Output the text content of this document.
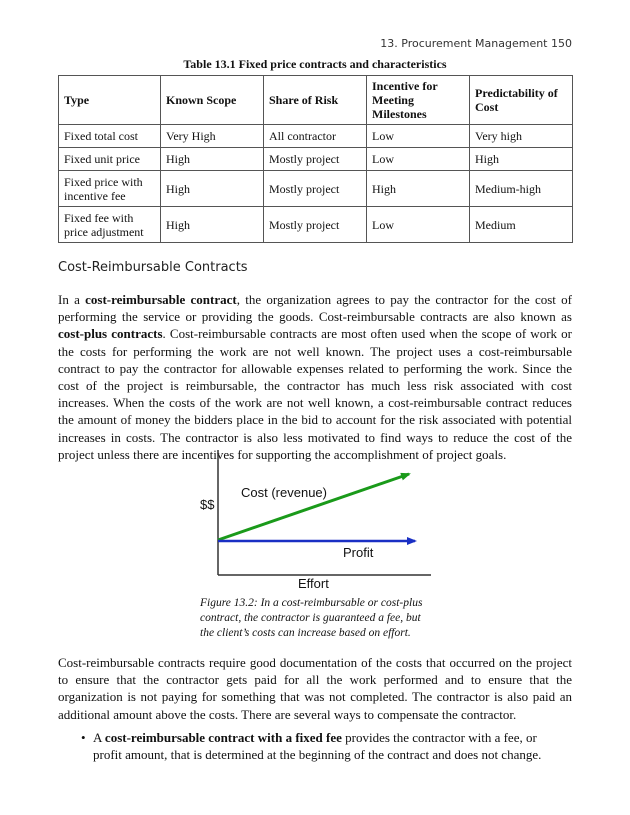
13. Procurement Management 150
Table 13.1 Fixed price contracts and characteristics
Type	Known Scope	Share of Risk	Incentive for Meeting Milestones	Predictability of Cost
Fixed total cost	Very High	All contractor	Low	Very high
Fixed unit price	High	Mostly project	Low	High
Fixed price with incentive fee	High	Mostly project	High	Medium-high
Fixed fee with price adjustment	High	Mostly project	Low	Medium
Cost-Reimbursable Contracts

In a cost-reimbursable contract, the organization agrees to pay the contractor for the cost of performing the service or providing the goods. Cost-reimbursable contracts are also known as cost-plus contracts. Cost-reimbursable contracts are most often used when the scope of work or the costs for performing the work are not well known. The project uses a cost-reimbursable contract to pay the contractor for allowable expenses related to performing the work. Since the cost of the project is reimbursable, the contractor has much less risk associated with cost increases. When the costs of the work are not well known, a cost-reimbursable contract reduces the amount of money the bidders place in the bid to account for the risk associated with potential increases in costs. The contractor is also less motivated to find ways to reduce the cost of the project unless there are incentives for supporting the accomplishment of project goals.

$$
Cost (revenue)
Profit
Effort

Figure 13.2: In a cost-reimbursable or cost-plus contract, the contractor is guaranteed a fee, but the client’s costs can increase based on effort.

Cost-reimbursable contracts require good documentation of the costs that occurred on the project to ensure that the contractor gets paid for all the work performed and to ensure that the organization is not paying for something that was not completed. The contractor is also paid an additional amount above the costs. There are several ways to compensate the contractor.

• A cost-reimbursable contract with a fixed fee provides the contractor with a fee, or profit amount, that is determined at the beginning of the contract and does not change.
